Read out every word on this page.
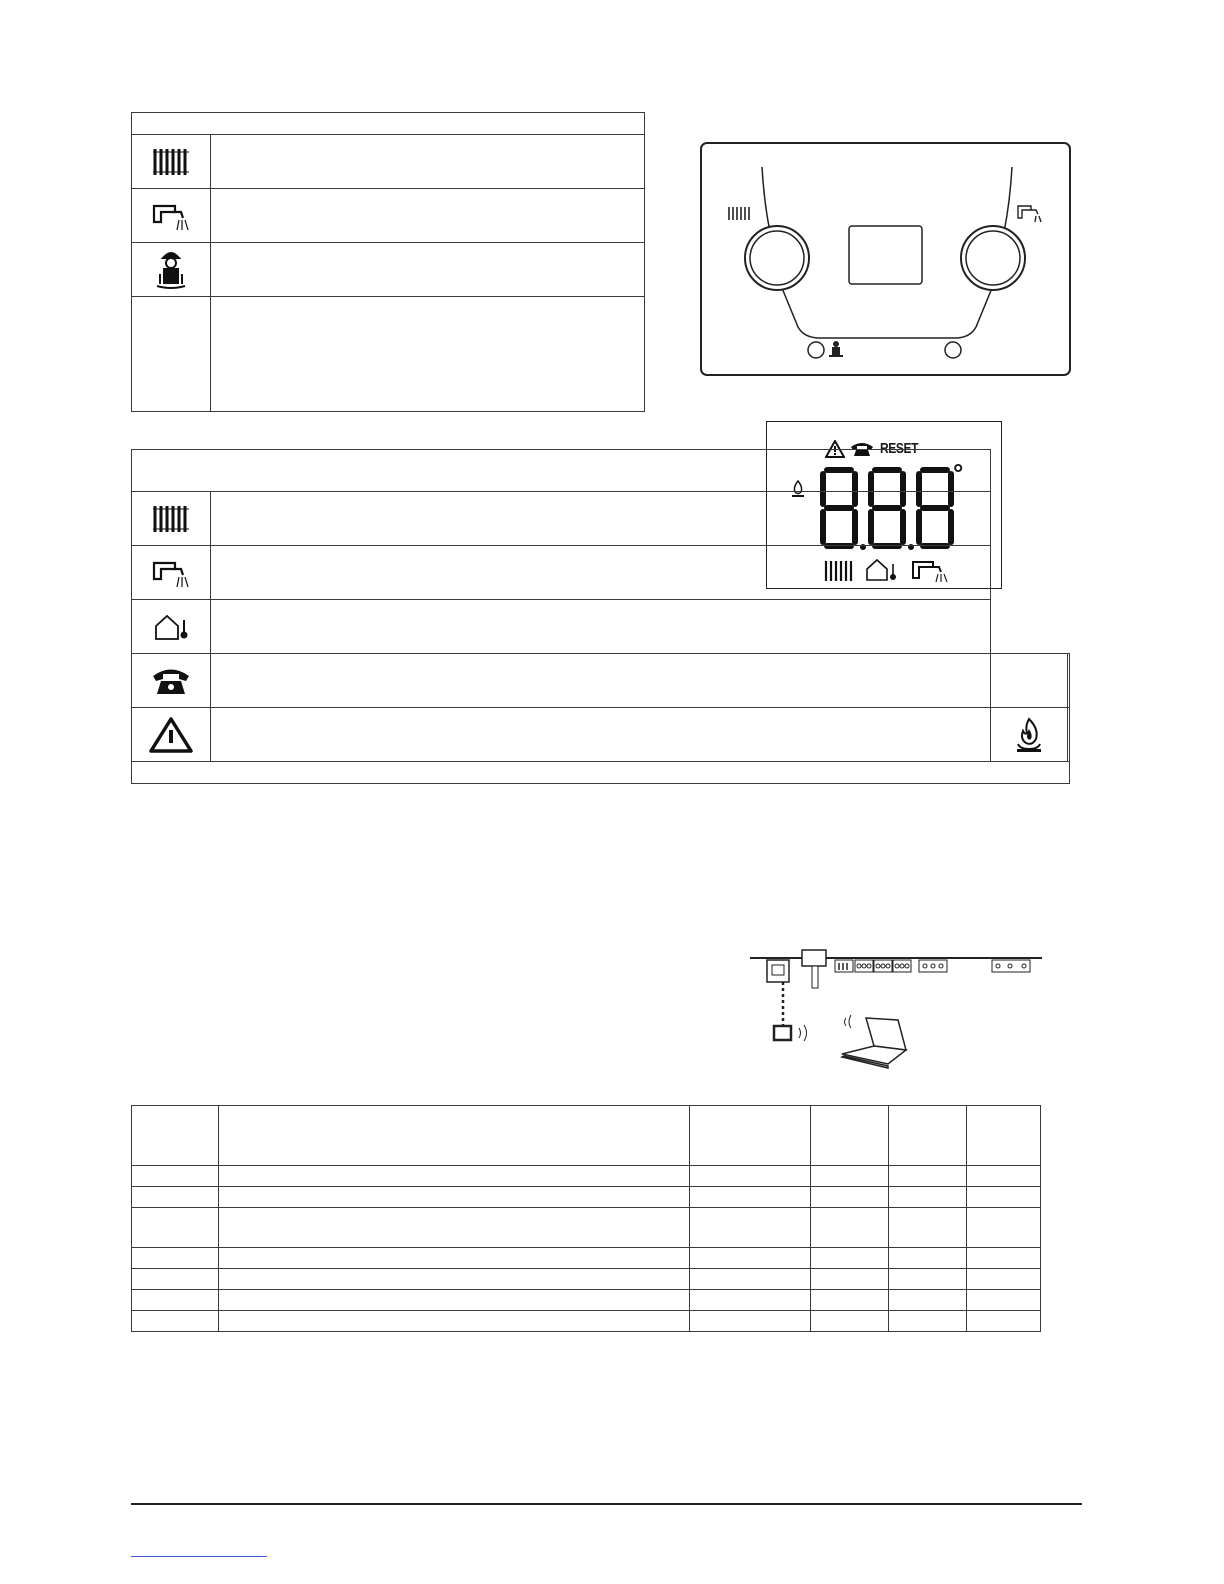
RESET
°
